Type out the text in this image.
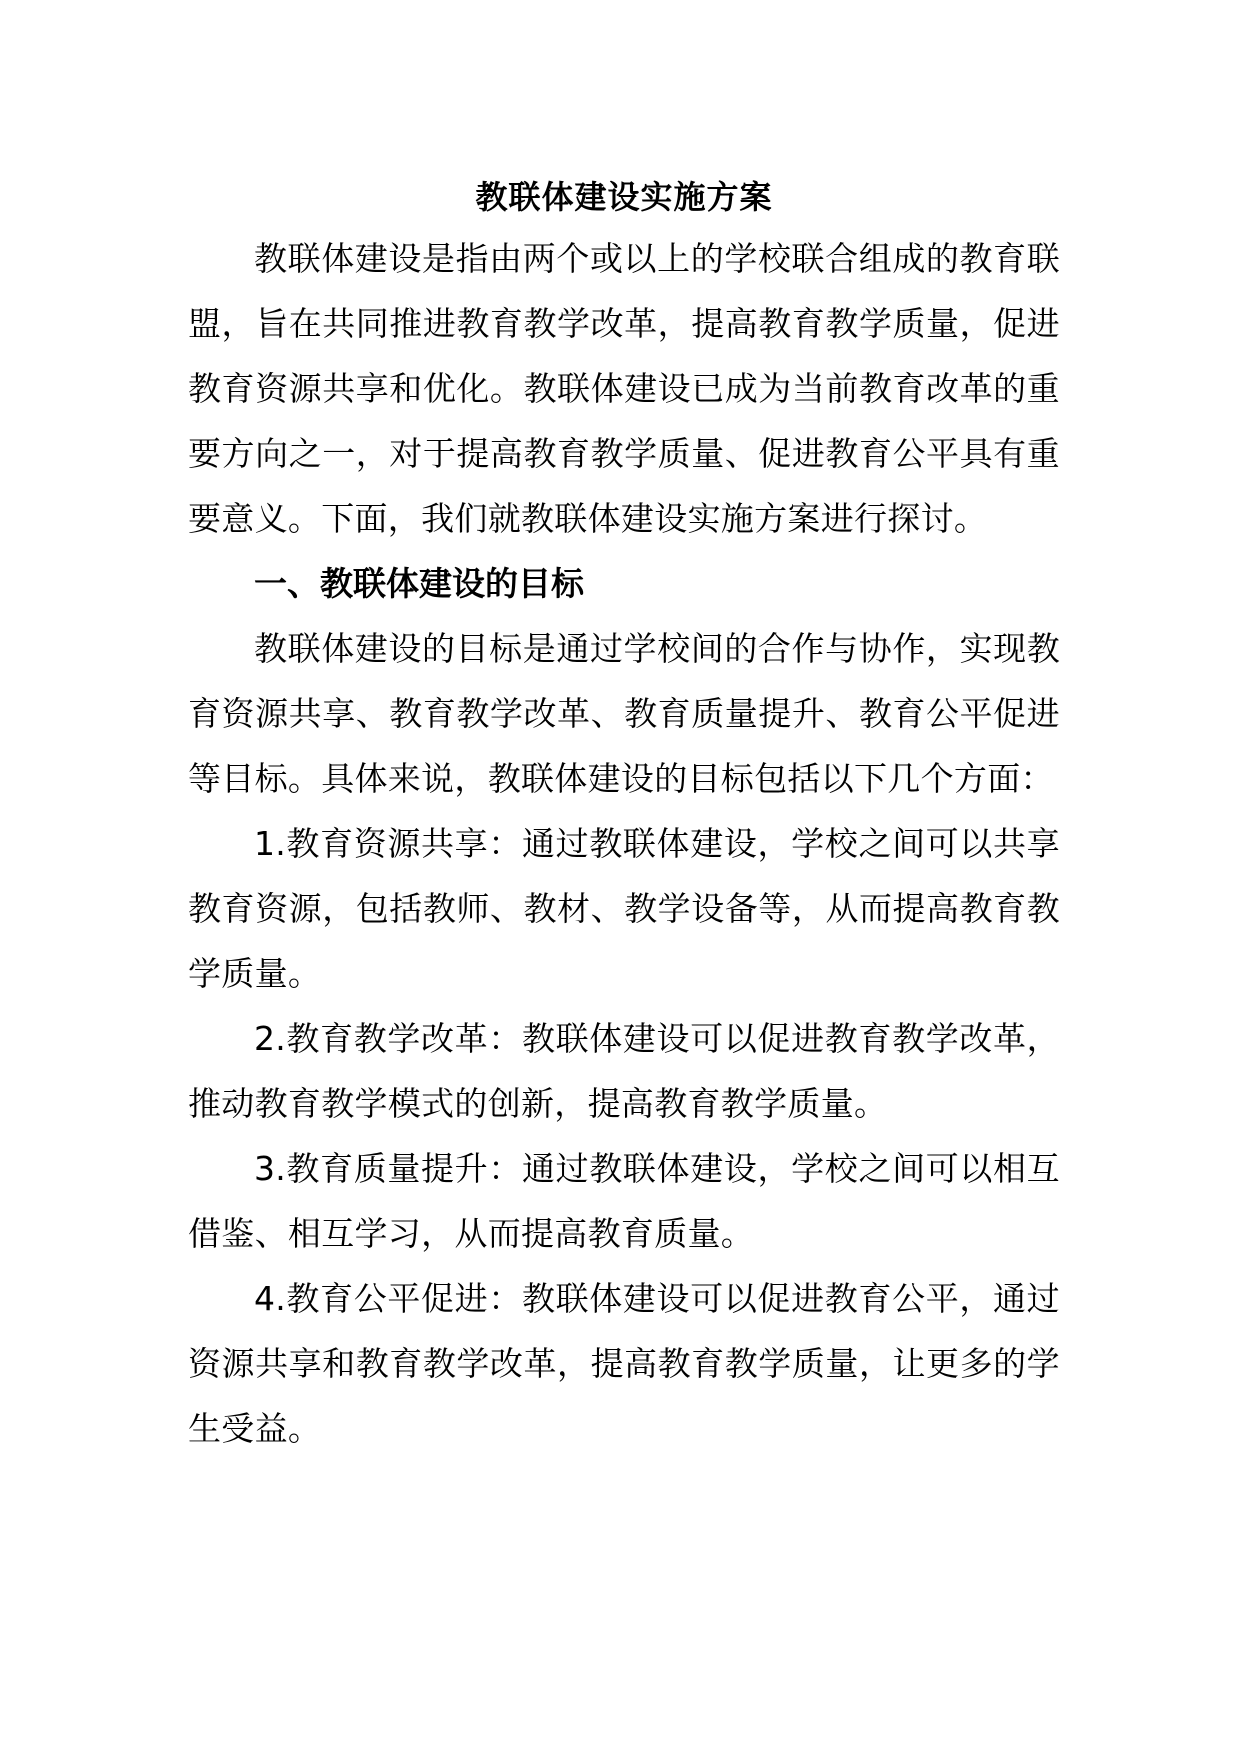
教联体建设实施方案

教联体建设是指由两个或以上的学校联合组成的教育联盟，旨在共同推进教育教学改革，提高教育教学质量，促进教育资源共享和优化。教联体建设已成为当前教育改革的重要方向之一，对于提高教育教学质量、促进教育公平具有重要意义。下面，我们就教联体建设实施方案进行探讨。

一、教联体建设的目标

教联体建设的目标是通过学校间的合作与协作，实现教育资源共享、教育教学改革、教育质量提升、教育公平促进等目标。具体来说，教联体建设的目标包括以下几个方面：

1.教育资源共享：通过教联体建设，学校之间可以共享教育资源，包括教师、教材、教学设备等，从而提高教育教学质量。

2.教育教学改革：教联体建设可以促进教育教学改革，推动教育教学模式的创新，提高教育教学质量。

3.教育质量提升：通过教联体建设，学校之间可以相互借鉴、相互学习，从而提高教育质量。

4.教育公平促进：教联体建设可以促进教育公平，通过资源共享和教育教学改革，提高教育教学质量，让更多的学生受益。
